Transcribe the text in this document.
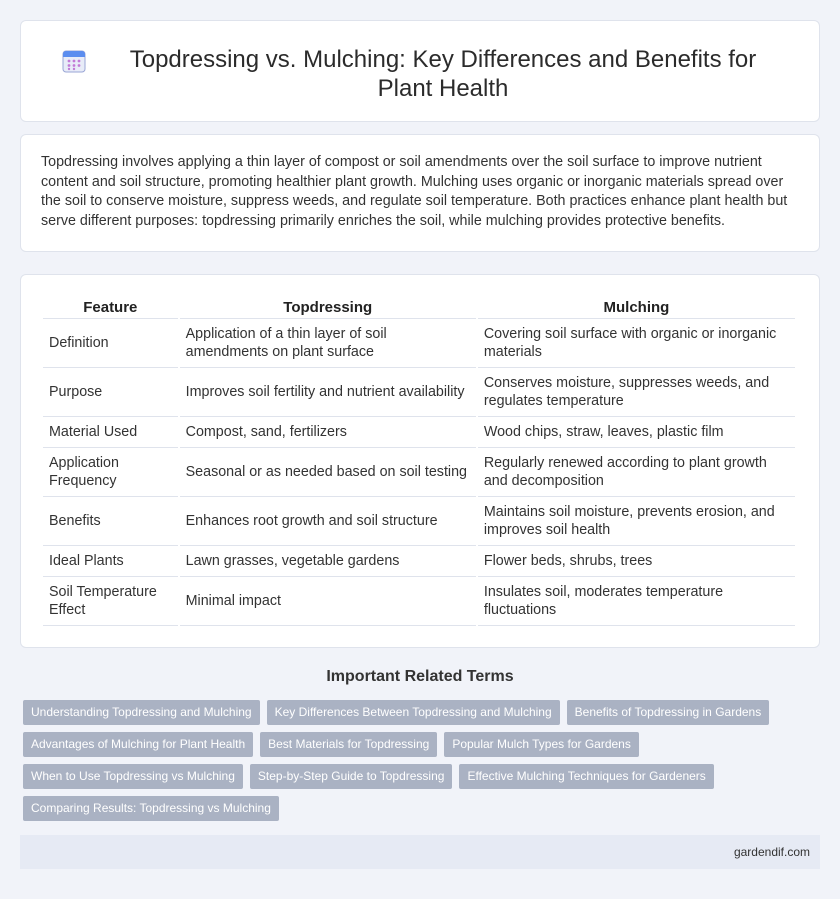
Topdressing vs. Mulching: Key Differences and Benefits for Plant Health

Topdressing involves applying a thin layer of compost or soil amendments over the soil surface to improve nutrient content and soil structure, promoting healthier plant growth. Mulching uses organic or inorganic materials spread over the soil to conserve moisture, suppress weeds, and regulate soil temperature. Both practices enhance plant health but serve different purposes: topdressing primarily enriches the soil, while mulching provides protective benefits.

Feature	Topdressing	Mulching
Definition	Application of a thin layer of soil amendments on plant surface	Covering soil surface with organic or inorganic materials
Purpose	Improves soil fertility and nutrient availability	Conserves moisture, suppresses weeds, and regulates temperature
Material Used	Compost, sand, fertilizers	Wood chips, straw, leaves, plastic film
Application Frequency	Seasonal or as needed based on soil testing	Regularly renewed according to plant growth and decomposition
Benefits	Enhances root growth and soil structure	Maintains soil moisture, prevents erosion, and improves soil health
Ideal Plants	Lawn grasses, vegetable gardens	Flower beds, shrubs, trees
Soil Temperature Effect	Minimal impact	Insulates soil, moderates temperature fluctuations
Important Related Terms
Understanding Topdressing and Mulching	Key Differences Between Topdressing and Mulching	Benefits of Topdressing in Gardens
Advantages of Mulching for Plant Health	Best Materials for Topdressing	Popular Mulch Types for Gardens
When to Use Topdressing vs Mulching	Step-by-Step Guide to Topdressing	Effective Mulching Techniques for Gardeners
Comparing Results: Topdressing vs Mulching
gardendif.com
